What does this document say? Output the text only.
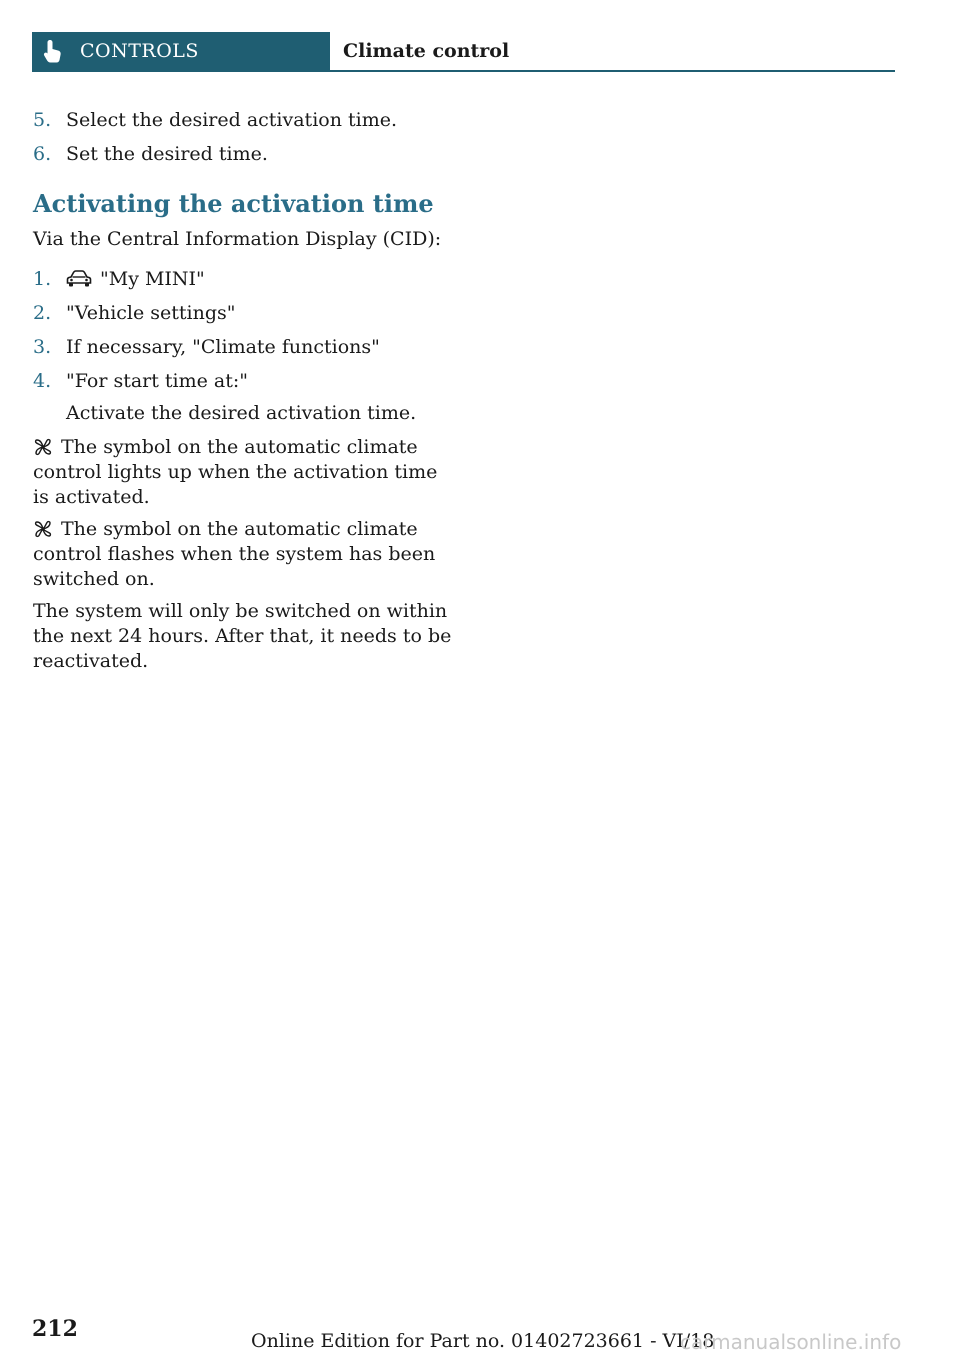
CONTROLS	Climate control
5. Select the desired activation time.
6. Set the desired time.
Activating the activation time
Via the Central Information Display (CID):
1.	"My MINI"
2. "Vehicle settings"
3. If necessary, "Climate functions"
4. "For start time at:"
Activate the desired activation time.

The symbol on the automatic climate control lights up when the activation time is activated.

The symbol on the automatic climate control flashes when the system has been switched on.

The system will only be switched on within the next 24 hours. After that, it needs to be reactivated.

212	Online Edition for Part no. 01402723661 - VI/18
carmanualsonline.info
